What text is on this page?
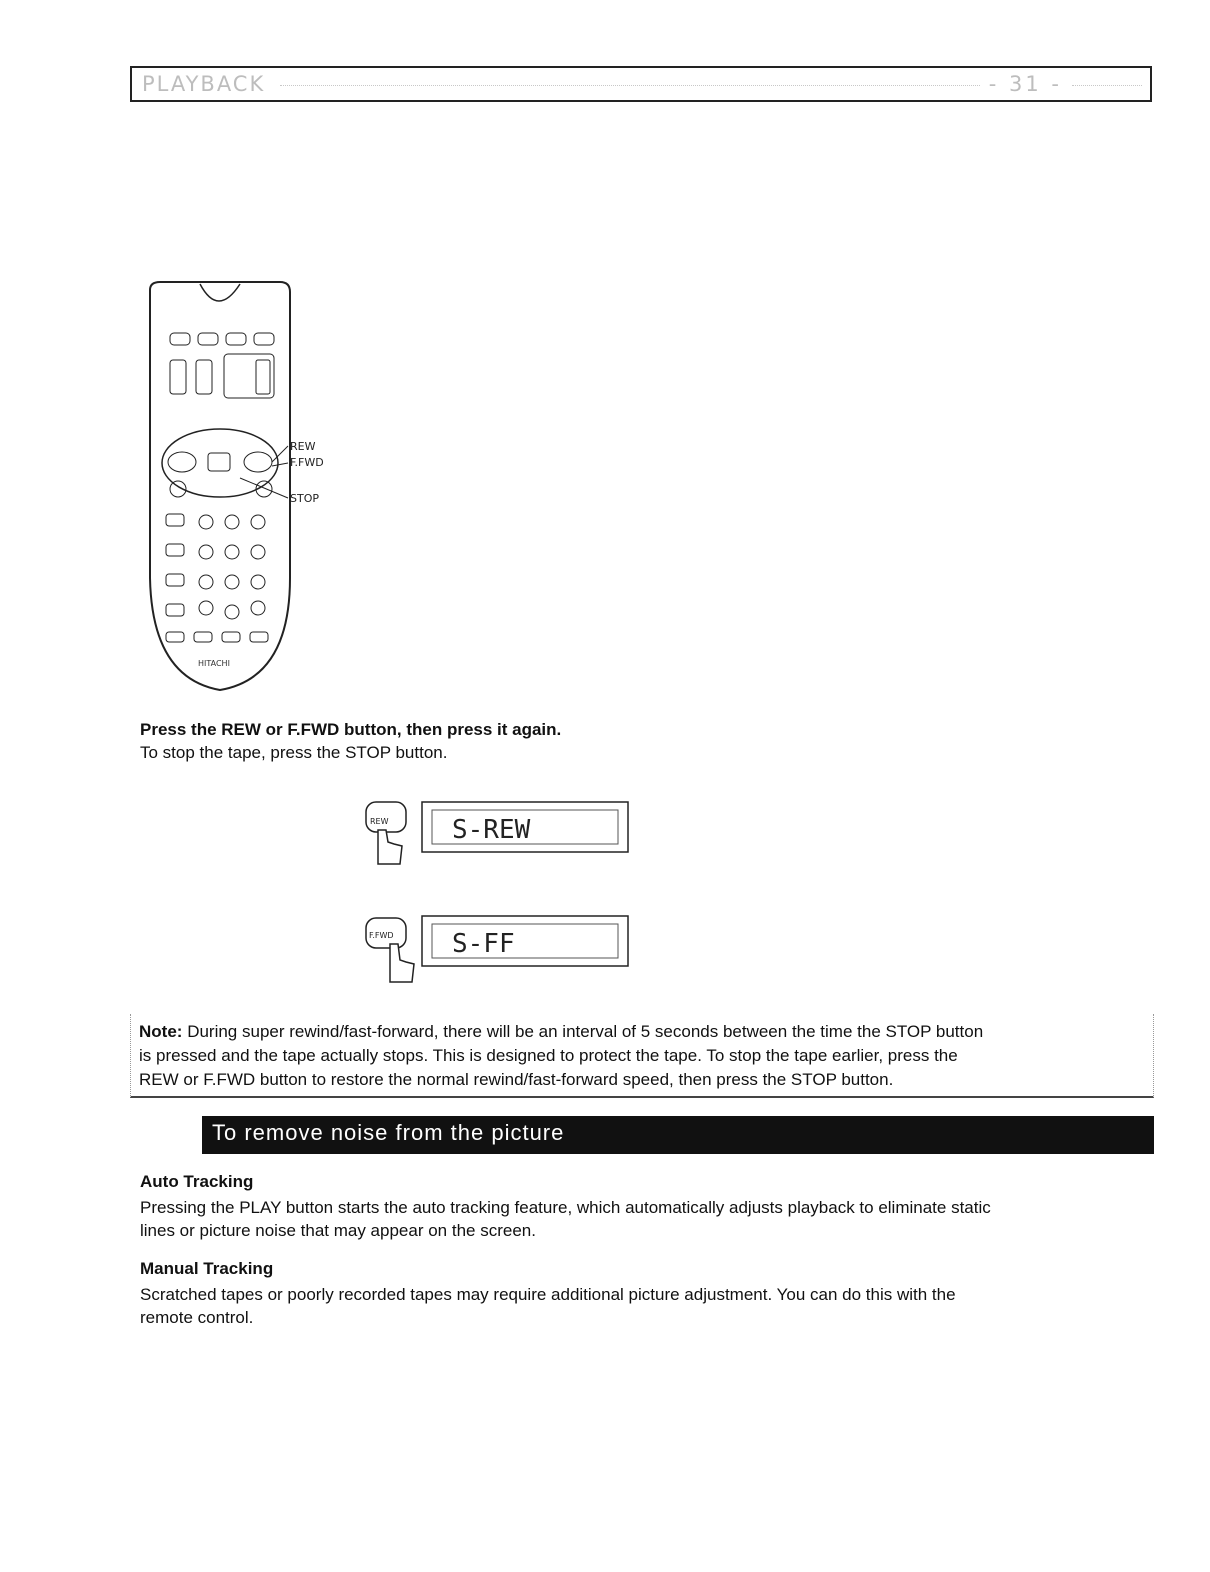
PLAYBACK	- 31 -
HITACHI
REW
F.FWD
STOP
Press the REW or F.FWD button, then press it again.
To stop the tape, press the STOP button.
REW S-REW
F.FWD S-FF
Note: During super rewind/fast-forward, there will be an interval of 5 seconds between the time the STOP button
is pressed and the tape actually stops. This is designed to protect the tape. To stop the tape earlier, press the
REW or F.FWD button to restore the normal rewind/fast-forward speed, then press the STOP button.
To remove noise from the picture
Auto Tracking
Pressing the PLAY button starts the auto tracking feature, which automatically adjusts playback to eliminate static
lines or picture noise that may appear on the screen.
Manual Tracking
Scratched tapes or poorly recorded tapes may require additional picture adjustment. You can do this with the
remote control.
